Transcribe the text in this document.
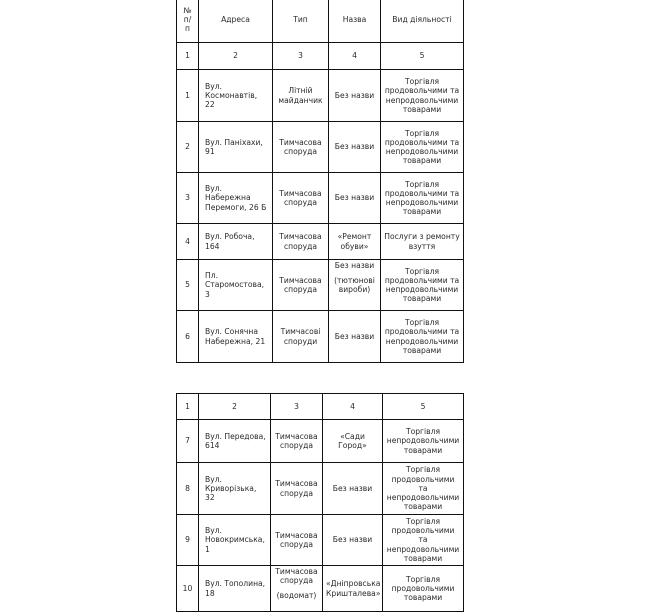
№
п/
п	Адреса	Тип	Назва	Вид діяльності
1	2	3	4	5
1	Вул. Космонавтів,
22	Літній
майданчик	Без назви	Торгівля
продовольчими та
непродовольчими
товарами

2	Вул. Паніхахи, 91	Тимчасова
споруда	Без назви	Торгівля
продовольчими та
непродовольчими
товарами

3	Вул. Набережна
Перемоги, 26 Б	Тимчасова
споруда	Без назви	Торгівля
продовольчими та
непродовольчими
товарами

4	Вул. Робоча, 164	Тимчасова
споруда	«Ремонт
обуви»	Послуги з ремонту
взуття

5	Пл.
Старомостова, 3	Тимчасова
споруда	Без назви
(тютюнові
вироби)	Торгівля
продовольчими та
непродовольчими
товарами

6	Вул. Сонячна
Набережна, 21	Тимчасові
споруди	Без назви	Торгівля
продовольчими та
непродовольчими
товарами
1	2	3	4	5
7	Вул. Передова,
614	Тимчасова
споруда	«Сади
Город»	Торгівля
непродовольчими
товарами

8	Вул.
Криворізька, 32	Тимчасова
споруда	Без назви	Торгівля
продовольчими та
непродовольчими
товарами

9	Вул.
Новокримська, 1	Тимчасова
споруда	Без назви	Торгівля
продовольчими та
непродовольчими
товарами

10	Вул. Тополина,
18	Тимчасова
споруда
(водомат)	«Дніпровська
Кришталева»	Торгівля
продовольчими
товарами
